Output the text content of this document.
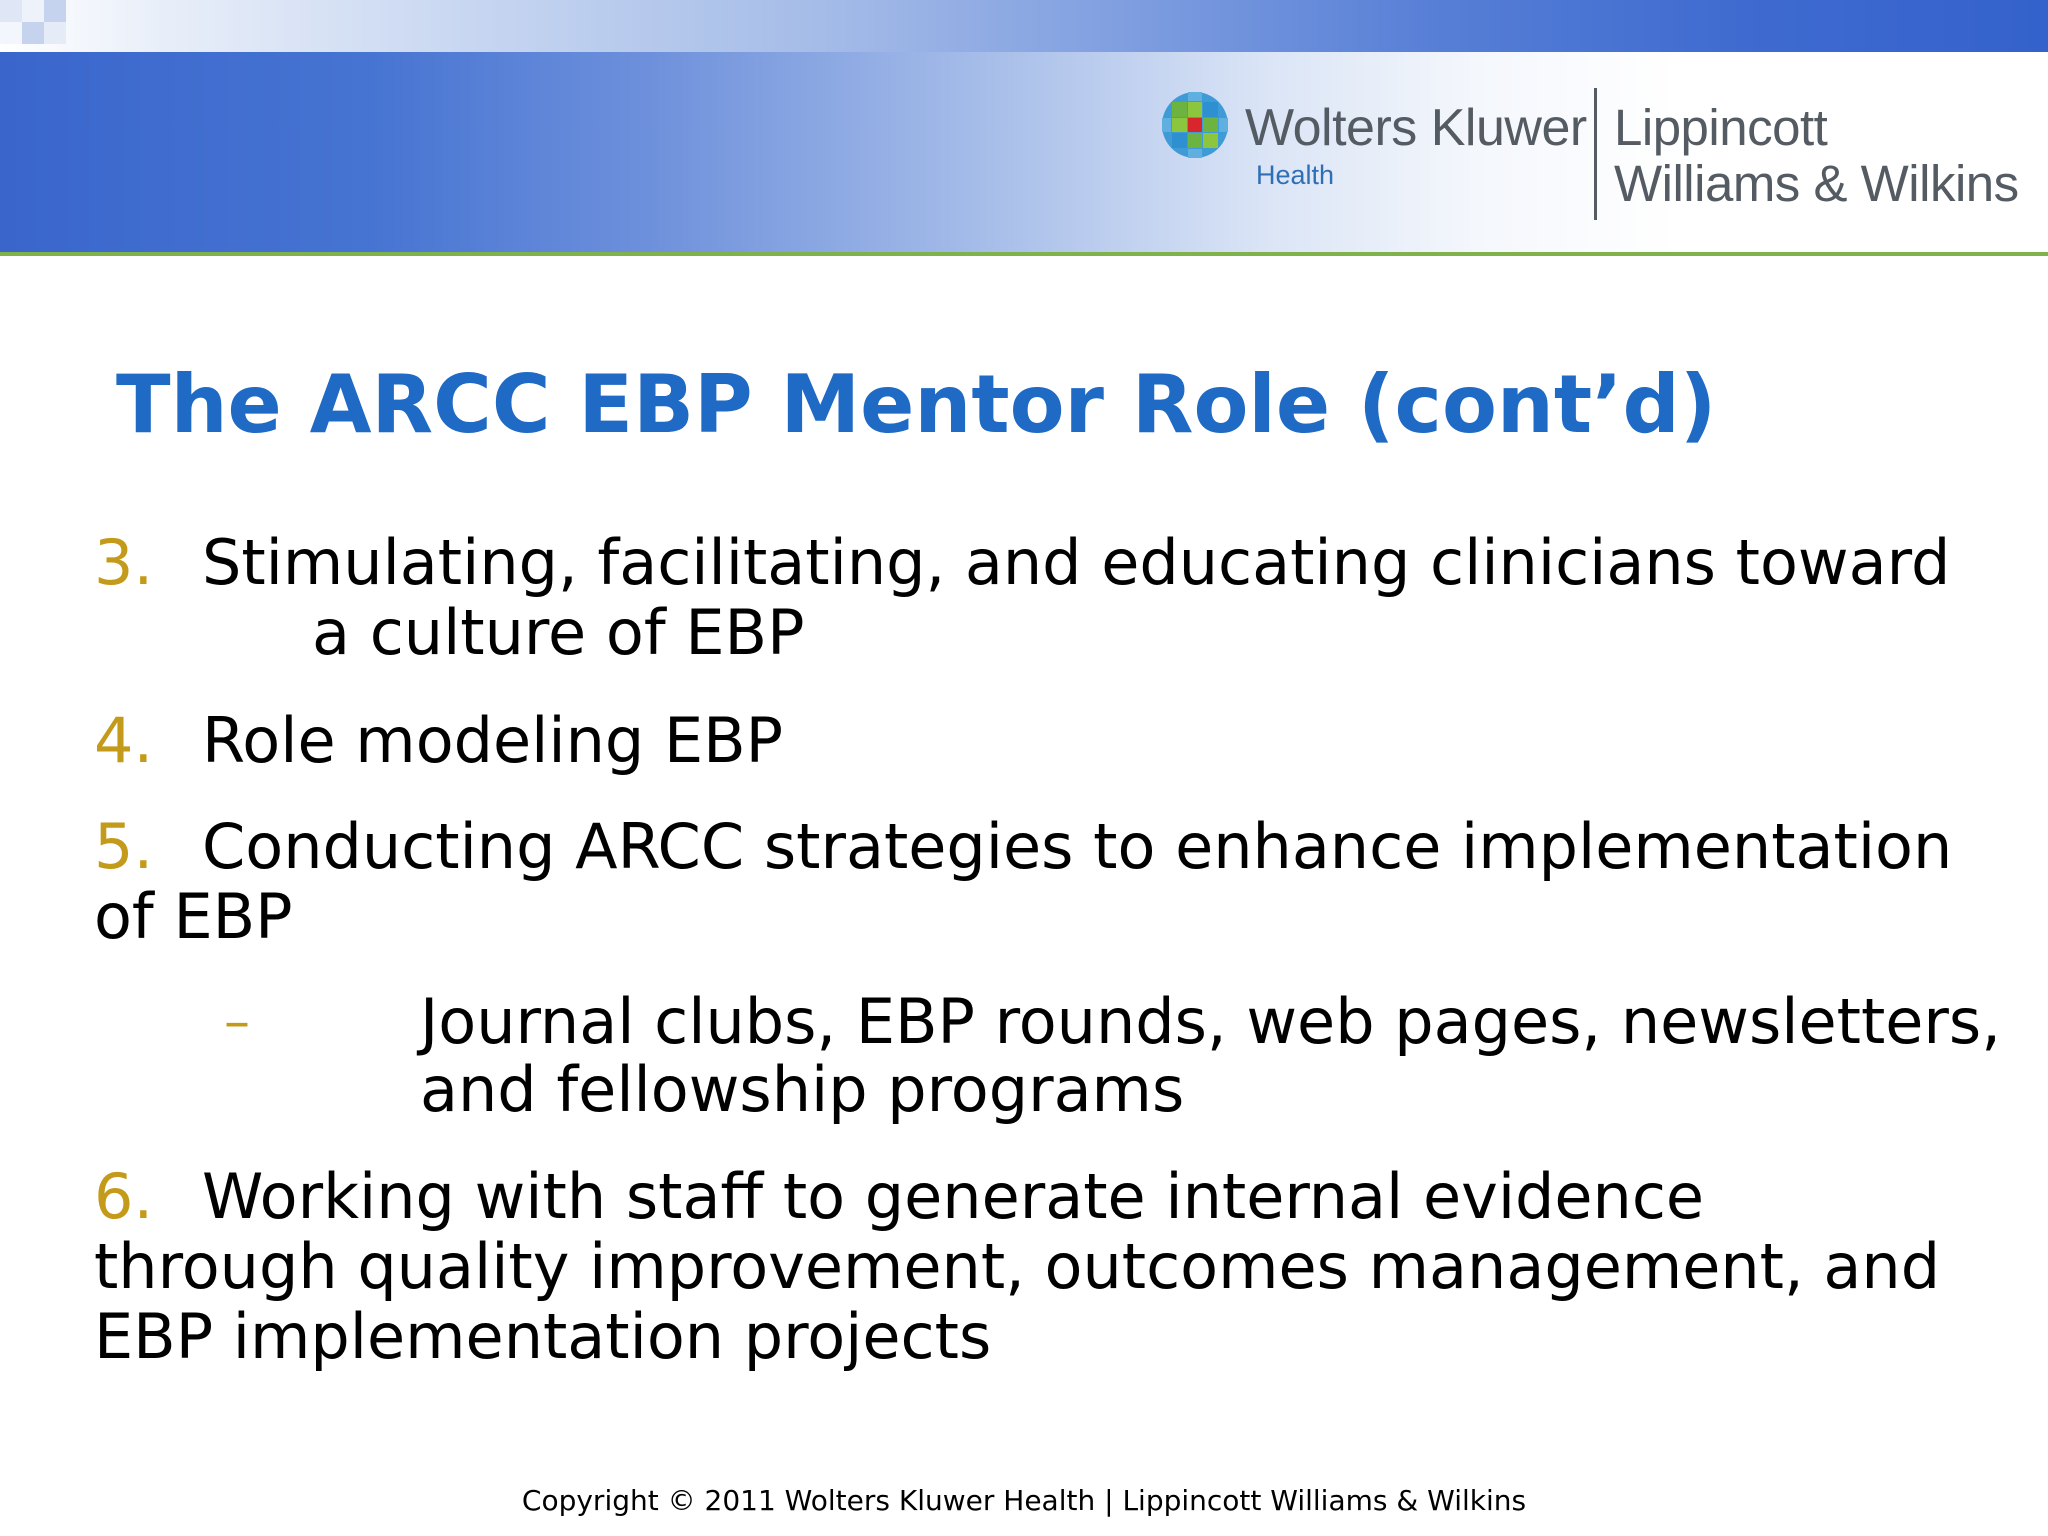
Wolters Kluwer
Health
Lippincott
Williams & Wilkins
The ARCC EBP Mentor Role (cont’d)
3. Stimulating, facilitating, and educating clinicians toward
a culture of EBP
4. Role modeling EBP
5. Conducting ARCC strategies to enhance implementation
of EBP
–	Journal clubs, EBP rounds, web pages, newsletters,
and fellowship programs
6. Working with staff to generate internal evidence
through quality improvement, outcomes management, and
EBP implementation projects
Copyright © 2011 Wolters Kluwer Health | Lippincott Williams & Wilkins
